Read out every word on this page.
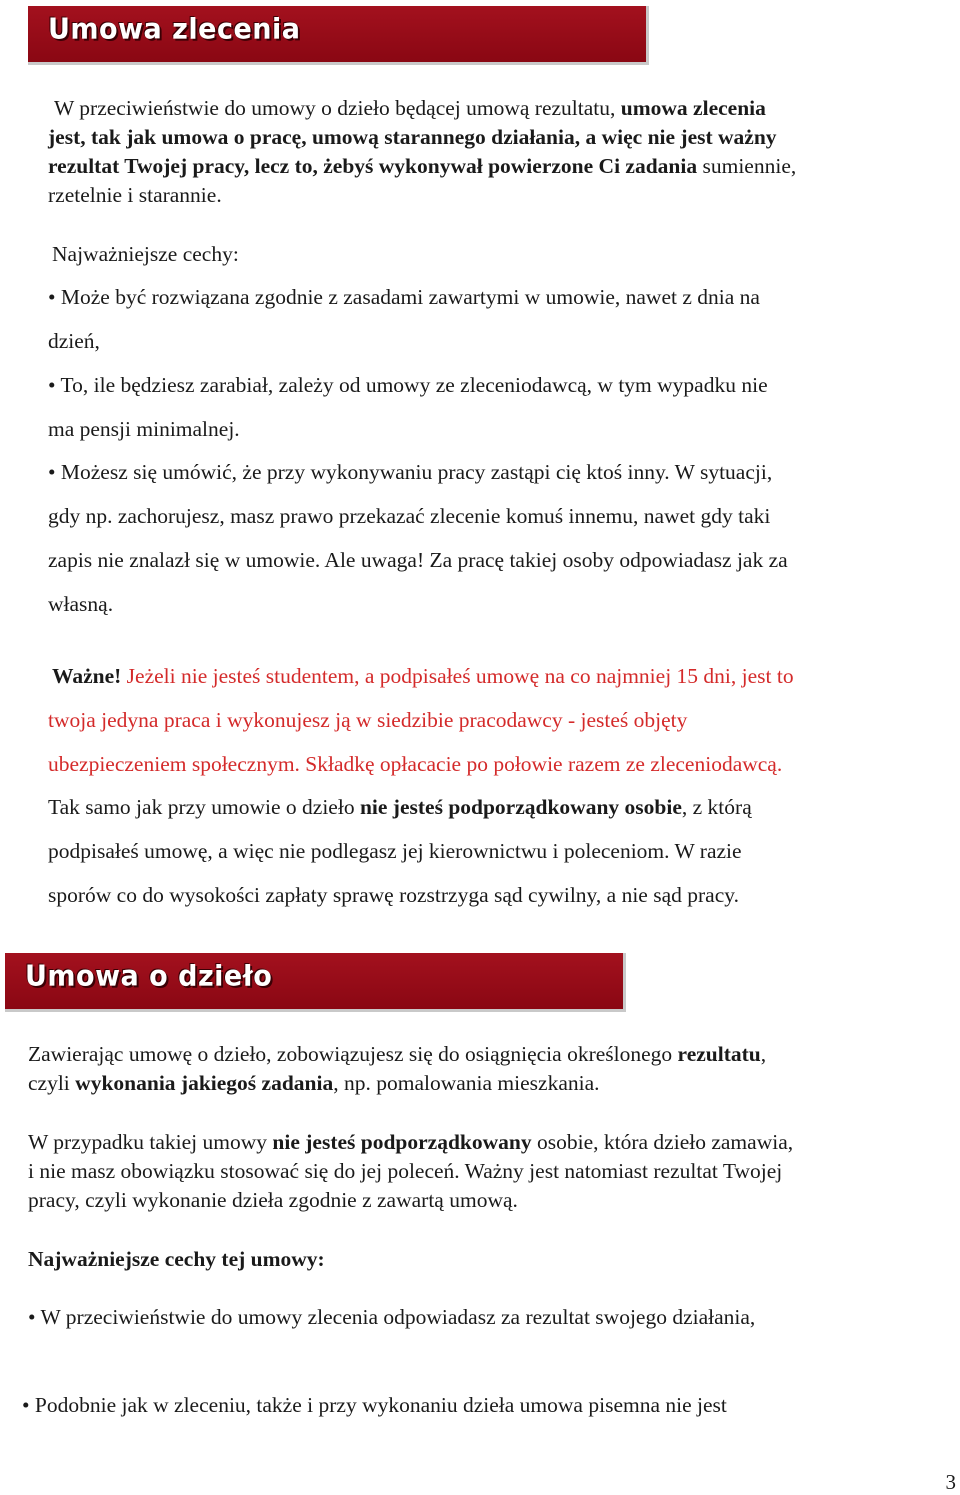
Umowa zlecenia
W przeciwieństwie do umowy o dzieło będącej umową rezultatu, umowa zlecenia
jest, tak jak umowa o pracę, umową starannego działania, a więc nie jest ważny
rezultat Twojej pracy, lecz to, żebyś wykonywał powierzone Ci zadania sumiennie,
rzetelnie i starannie.
Najważniejsze cechy:
• Może być rozwiązana zgodnie z zasadami zawartymi w umowie, nawet z dnia na
dzień,
• To, ile będziesz zarabiał, zależy od umowy ze zleceniodawcą, w tym wypadku nie
ma pensji minimalnej.
• Możesz się umówić, że przy wykonywaniu pracy zastąpi cię ktoś inny. W sytuacji,
gdy np. zachorujesz, masz prawo przekazać zlecenie komuś innemu, nawet gdy taki
zapis nie znalazł się w umowie. Ale uwaga! Za pracę takiej osoby odpowiadasz jak za
własną.
Ważne! Jeżeli nie jesteś studentem, a podpisałeś umowę na co najmniej 15 dni, jest to
twoja jedyna praca i wykonujesz ją w siedzibie pracodawcy - jesteś objęty
ubezpieczeniem społecznym. Składkę opłacacie po połowie razem ze zleceniodawcą.
Tak samo jak przy umowie o dzieło nie jesteś podporządkowany osobie, z którą
podpisałeś umowę, a więc nie podlegasz jej kierownictwu i poleceniom. W razie
sporów co do wysokości zapłaty sprawę rozstrzyga sąd cywilny, a nie sąd pracy.
Umowa o dzieło
Zawierając umowę o dzieło, zobowiązujesz się do osiągnięcia określonego rezultatu,
czyli wykonania jakiegoś zadania, np. pomalowania mieszkania.
W przypadku takiej umowy nie jesteś podporządkowany osobie, która dzieło zamawia,
i nie masz obowiązku stosować się do jej poleceń. Ważny jest natomiast rezultat Twojej
pracy, czyli wykonanie dzieła zgodnie z zawartą umową.
Najważniejsze cechy tej umowy:
• W przeciwieństwie do umowy zlecenia odpowiadasz za rezultat swojego działania,
• Podobnie jak w zleceniu, także i przy wykonaniu dzieła umowa pisemna nie jest
3
